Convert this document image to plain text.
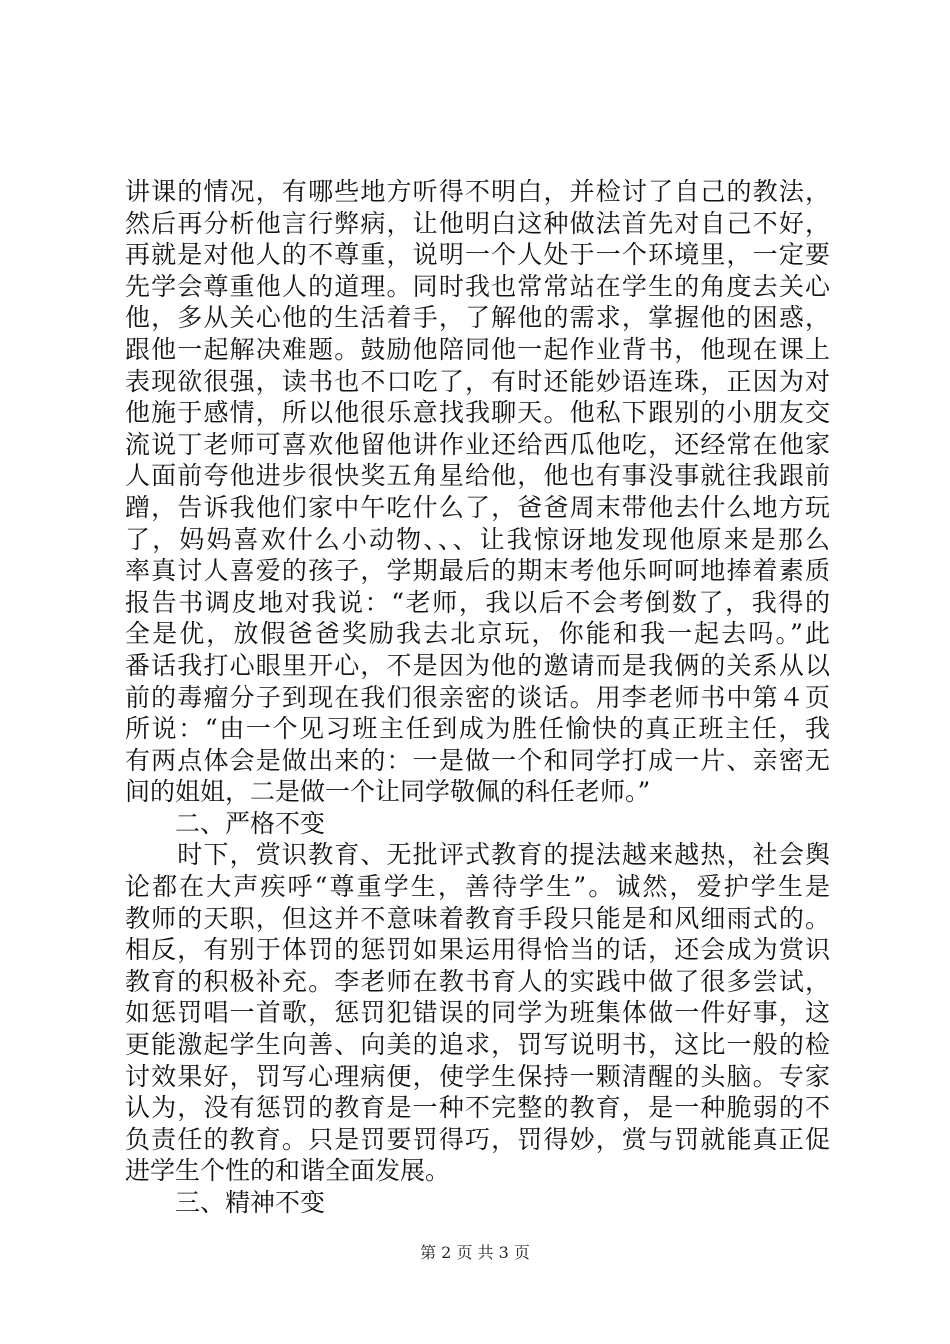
讲课的情况，有哪些地方听得不明白，并检讨了自己的教法，
然后再分析他言行弊病，让他明白这种做法首先对自己不好，
再就是对他人的不尊重，说明一个人处于一个环境里，一定要
先学会尊重他人的道理。同时我也常常站在学生的角度去关心
他，多从关心他的生活着手，了解他的需求，掌握他的困惑，
跟他一起解决难题。鼓励他陪同他一起作业背书，他现在课上
表现欲很强，读书也不口吃了，有时还能妙语连珠，正因为对
他施于感情，所以他很乐意找我聊天。他私下跟别的小朋友交
流说丁老师可喜欢他留他讲作业还给西瓜他吃，还经常在他家
人面前夸他进步很快奖五角星给他，他也有事没事就往我跟前
蹭，告诉我他们家中午吃什么了，爸爸周末带他去什么地方玩
了，妈妈喜欢什么小动物、、、让我惊讶地发现他原来是那么
率真讨人喜爱的孩子，学期最后的期末考他乐呵呵地捧着素质
报告书调皮地对我说：“老师，我以后不会考倒数了，我得的
全是优，放假爸爸奖励我去北京玩，你能和我一起去吗。”此
番话我打心眼里开心，不是因为他的邀请而是我俩的关系从以
前的毒瘤分子到现在我们很亲密的谈话。用李老师书中第４页
所说：“由一个见习班主任到成为胜任愉快的真正班主任，我
有两点体会是做出来的：一是做一个和同学打成一片、亲密无
间的姐姐，二是做一个让同学敬佩的科任老师。”
　　二、严格不变
　　时下，赏识教育、无批评式教育的提法越来越热，社会舆
论都在大声疾呼“尊重学生，善待学生”。诚然，爱护学生是
教师的天职，但这并不意味着教育手段只能是和风细雨式的。
相反，有别于体罚的惩罚如果运用得恰当的话，还会成为赏识
教育的积极补充。李老师在教书育人的实践中做了很多尝试，
如惩罚唱一首歌，惩罚犯错误的同学为班集体做一件好事，这
更能激起学生向善、向美的追求，罚写说明书，这比一般的检
讨效果好，罚写心理病便，使学生保持一颗清醒的头脑。专家
认为，没有惩罚的教育是一种不完整的教育，是一种脆弱的不
负责任的教育。只是罚要罚得巧，罚得妙，赏与罚就能真正促
进学生个性的和谐全面发展。
　　三、精神不变
第 2 页 共 3 页
